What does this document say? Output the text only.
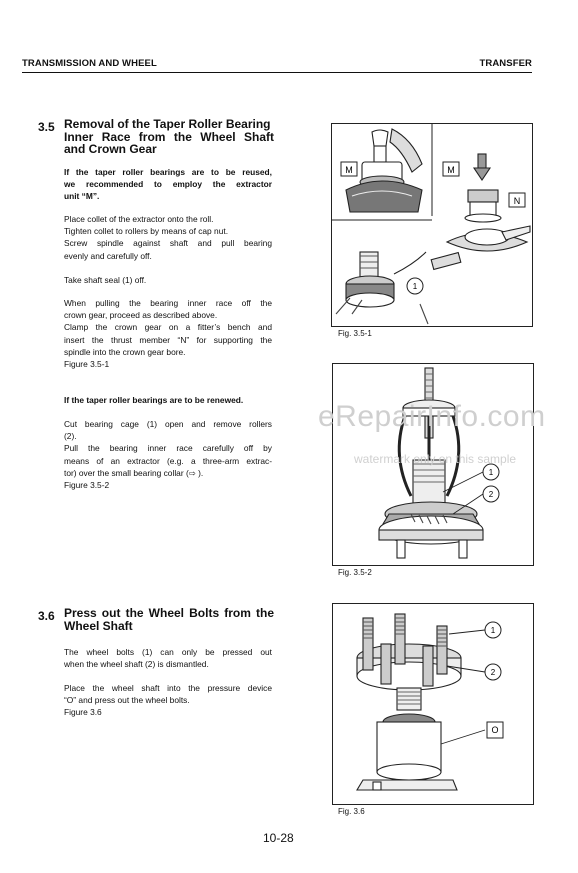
TRANSMISSION AND WHEEL	TRANSFER
3.5 Removal of the Taper Roller Bearing
Inner Race from the Wheel Shaft
and Crown Gear
If the taper roller bearings are to be reused,
we recommended to employ the extractor
unit “M”.
Place collet of the extractor onto the roll.
Tighten collet to rollers by means of cap nut.
Screw spindle against shaft and pull bearing
evenly and carefully off.
Take shaft seal (1) off.
When pulling the bearing inner race off the
crown gear, proceed as described above.
Clamp the crown gear on a fitter’s bench and
insert the thrust member “N” for supporting the
spindle into the crown gear bore.
Figure 3.5-1
If the taper roller bearings are to be renewed.
Cut bearing cage (1) open and remove rollers
(2).
Pull the bearing inner race carefully off by
means of an extractor (e.g. a three-arm extrac-
tor) over the small bearing collar (⇨ ).
Figure 3.5-2
3.6 Press out the Wheel Bolts from the
Wheel Shaft
The wheel bolts (1) can only be pressed out
when the wheel shaft (2) is dismantled.
Place the wheel shaft into the pressure device
“O” and press out the wheel bolts.
Figure 3.6
M	M
N
1
Fig. 3.5-1
1
2
Fig. 3.5-2
1
2
O
Fig. 3.6
eRepairInfo.com
watermark only on this sample
10-28
